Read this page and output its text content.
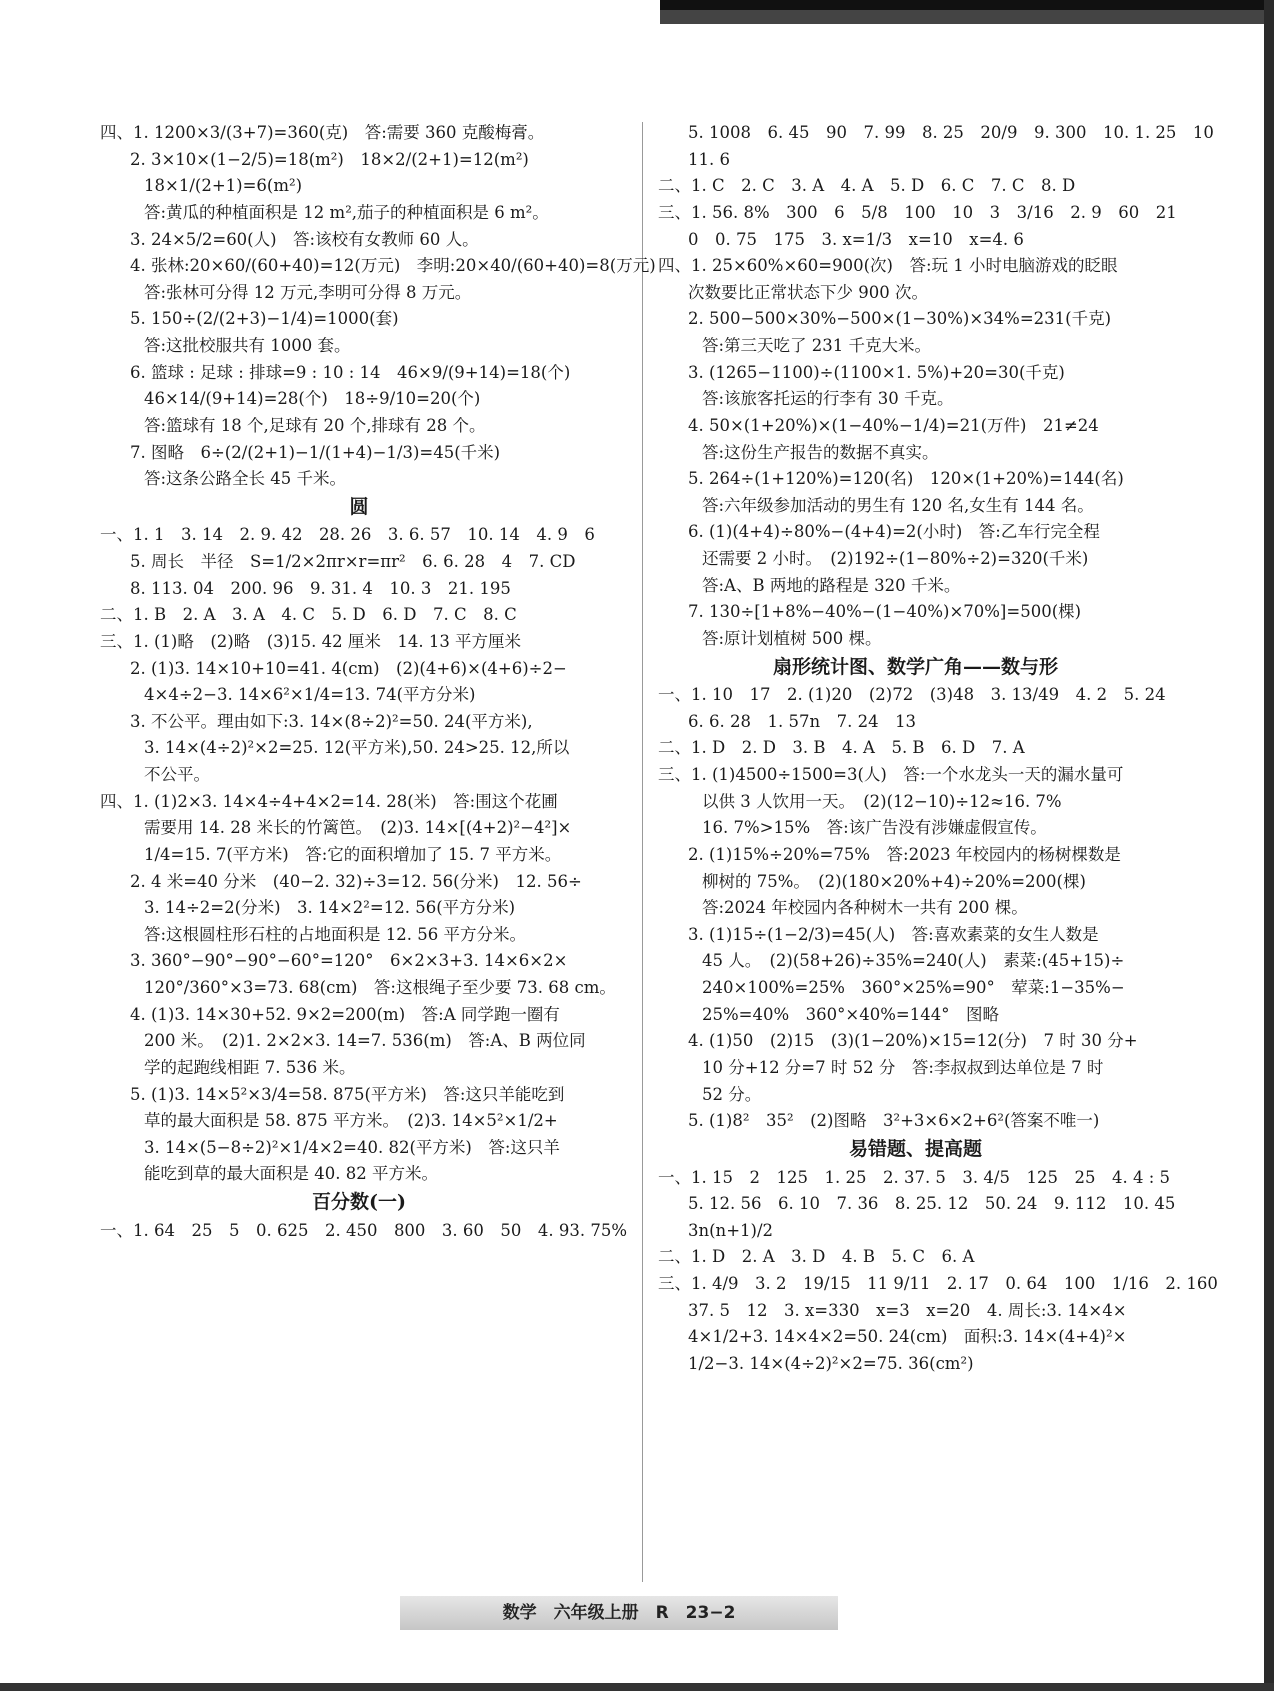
四、1. 1200×3/(3+7)=360(克)　答:需要 360 克酸梅膏。
2. 3×10×(1−2/5)=18(m²)　18×2/(2+1)=12(m²)
18×1/(2+1)=6(m²)
答:黄瓜的种植面积是 12 m²,茄子的种植面积是 6 m²。
3. 24×5/2=60(人)　答:该校有女教师 60 人。
4. 张林:20×60/(60+40)=12(万元)　李明:20×40/(60+40)=8(万元)
答:张林可分得 12 万元,李明可分得 8 万元。
5. 150÷(2/(2+3)−1/4)=1000(套)
答:这批校服共有 1000 套。
6. 篮球 : 足球 : 排球=9 : 10 : 14　46×9/(9+14)=18(个)
46×14/(9+14)=28(个)　18÷9/10=20(个)
答:篮球有 18 个,足球有 20 个,排球有 28 个。
7. 图略　6÷(2/(2+1)−1/(1+4)−1/3)=45(千米)
答:这条公路全长 45 千米。
圆
一、1. 1　3. 14　2. 9. 42　28. 26　3. 6. 57　10. 14　4. 9　6
5. 周长　半径　S=1/2×2πr×r=πr²　6. 6. 28　4　7. CD
8. 113. 04　200. 96　9. 31. 4　10. 3　21. 195
二、1. B　2. A　3. A　4. C　5. D　6. D　7. C　8. C
三、1. (1)略　(2)略　(3)15. 42 厘米　14. 13 平方厘米
2. (1)3. 14×10+10=41. 4(cm)　(2)(4+6)×(4+6)÷2−
4×4÷2−3. 14×6²×1/4=13. 74(平方分米)
3. 不公平。理由如下:3. 14×(8÷2)²=50. 24(平方米),
3. 14×(4÷2)²×2=25. 12(平方米),50. 24>25. 12,所以
不公平。
四、1. (1)2×3. 14×4÷4+4×2=14. 28(米)　答:围这个花圃
需要用 14. 28 米长的竹篱笆。　(2)3. 14×[(4+2)²−4²]×
1/4=15. 7(平方米)　答:它的面积增加了 15. 7 平方米。
2. 4 米=40 分米　(40−2. 32)÷3=12. 56(分米)　12. 56÷
3. 14÷2=2(分米)　3. 14×2²=12. 56(平方分米)
答:这根圆柱形石柱的占地面积是 12. 56 平方分米。
3. 360°−90°−90°−60°=120°　6×2×3+3. 14×6×2×
120°/360°×3=73. 68(cm)　答:这根绳子至少要 73. 68 cm。
4. (1)3. 14×30+52. 9×2=200(m)　答:A 同学跑一圈有
200 米。　(2)1. 2×2×3. 14=7. 536(m)　答:A、B 两位同
学的起跑线相距 7. 536 米。
5. (1)3. 14×5²×3/4=58. 875(平方米)　答:这只羊能吃到
草的最大面积是 58. 875 平方米。　(2)3. 14×5²×1/2+
3. 14×(5−8÷2)²×1/4×2=40. 82(平方米)　答:这只羊
能吃到草的最大面积是 40. 82 平方米。
百分数(一)
一、1. 64　25　5　0. 625　2. 450　800　3. 60　50　4. 93. 75%
5. 1008　6. 45　90　7. 99　8. 25　20/9　9. 300　10. 1. 25　10
11. 6
二、1. C　2. C　3. A　4. A　5. D　6. C　7. C　8. D
三、1. 56. 8%　300　6　5/8　100　10　3　3/16　2. 9　60　21
0　0. 75　175　3. x=1/3　x=10　x=4. 6
四、1. 25×60%×60=900(次)　答:玩 1 小时电脑游戏的眨眼
次数要比正常状态下少 900 次。
2. 500−500×30%−500×(1−30%)×34%=231(千克)
答:第三天吃了 231 千克大米。
3. (1265−1100)÷(1100×1. 5%)+20=30(千克)
答:该旅客托运的行李有 30 千克。
4. 50×(1+20%)×(1−40%−1/4)=21(万件)　21≠24
答:这份生产报告的数据不真实。
5. 264÷(1+120%)=120(名)　120×(1+20%)=144(名)
答:六年级参加活动的男生有 120 名,女生有 144 名。
6. (1)(4+4)÷80%−(4+4)=2(小时)　答:乙车行完全程
还需要 2 小时。　(2)192÷(1−80%÷2)=320(千米)
答:A、B 两地的路程是 320 千米。
7. 130÷[1+8%−40%−(1−40%)×70%]=500(棵)
答:原计划植树 500 棵。
扇形统计图、数学广角——数与形
一、1. 10　17　2. (1)20　(2)72　(3)48　3. 13/49　4. 2　5. 24
6. 6. 28　1. 57n　7. 24　13
二、1. D　2. D　3. B　4. A　5. B　6. D　7. A
三、1. (1)4500÷1500=3(人)　答:一个水龙头一天的漏水量可
以供 3 人饮用一天。　(2)(12−10)÷12≈16. 7%
16. 7%>15%　答:该广告没有涉嫌虚假宣传。
2. (1)15%÷20%=75%　答:2023 年校园内的杨树棵数是
柳树的 75%。　(2)(180×20%+4)÷20%=200(棵)
答:2024 年校园内各种树木一共有 200 棵。
3. (1)15÷(1−2/3)=45(人)　答:喜欢素菜的女生人数是
45 人。　(2)(58+26)÷35%=240(人)　素菜:(45+15)÷
240×100%=25%　360°×25%=90°　荤菜:1−35%−
25%=40%　360°×40%=144°　图略
4. (1)50　(2)15　(3)(1−20%)×15=12(分)　7 时 30 分+
10 分+12 分=7 时 52 分　答:李叔叔到达单位是 7 时
52 分。
5. (1)8²　35²　(2)图略　3²+3×6×2+6²(答案不唯一)
易错题、提高题
一、1. 15　2　125　1. 25　2. 37. 5　3. 4/5　125　25　4. 4 : 5
5. 12. 56　6. 10　7. 36　8. 25. 12　50. 24　9. 112　10. 45
3n(n+1)/2
二、1. D　2. A　3. D　4. B　5. C　6. A
三、1. 4/9　3. 2　19/15　11 9/11　2. 17　0. 64　100　1/16　2. 160
37. 5　12　3. x=330　x=3　x=20　4. 周长:3. 14×4×
4×1/2+3. 14×4×2=50. 24(cm)　面积:3. 14×(4+4)²×
1/2−3. 14×(4÷2)²×2=75. 36(cm²)
数学　六年级上册　R　23−2
